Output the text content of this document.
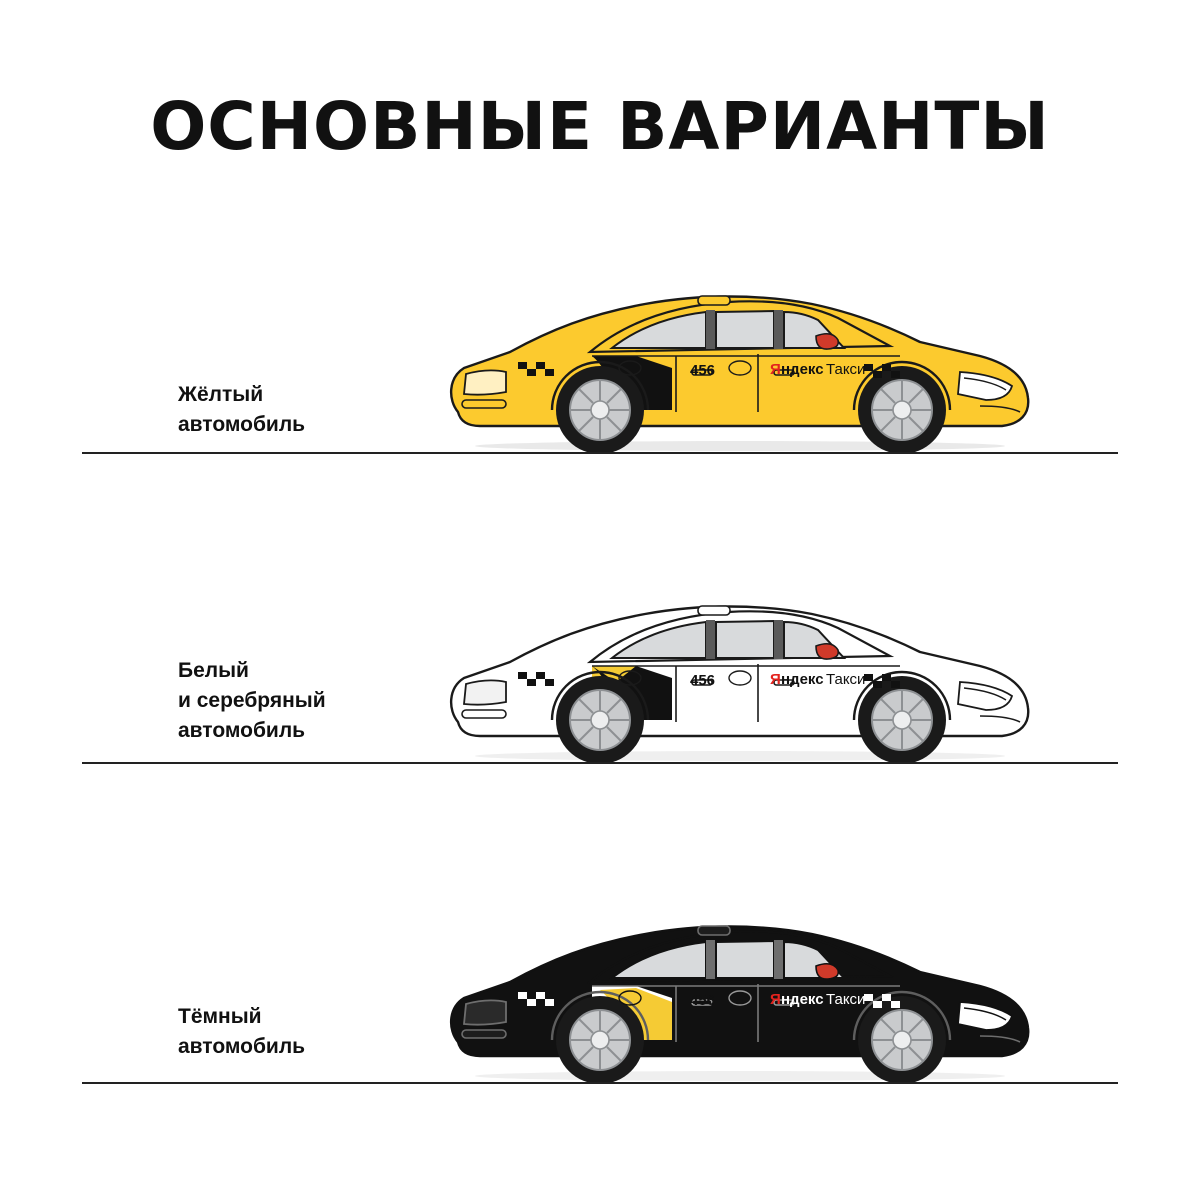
ОСНОВНЫЕ ВАРИАНТЫ
Жёлтый
автомобиль
456	Я ндекс Такси
Белый
и серебряный
автомобиль
456	Я ндекс Такси
Тёмный
автомобиль
456	Я ндекс Такси
